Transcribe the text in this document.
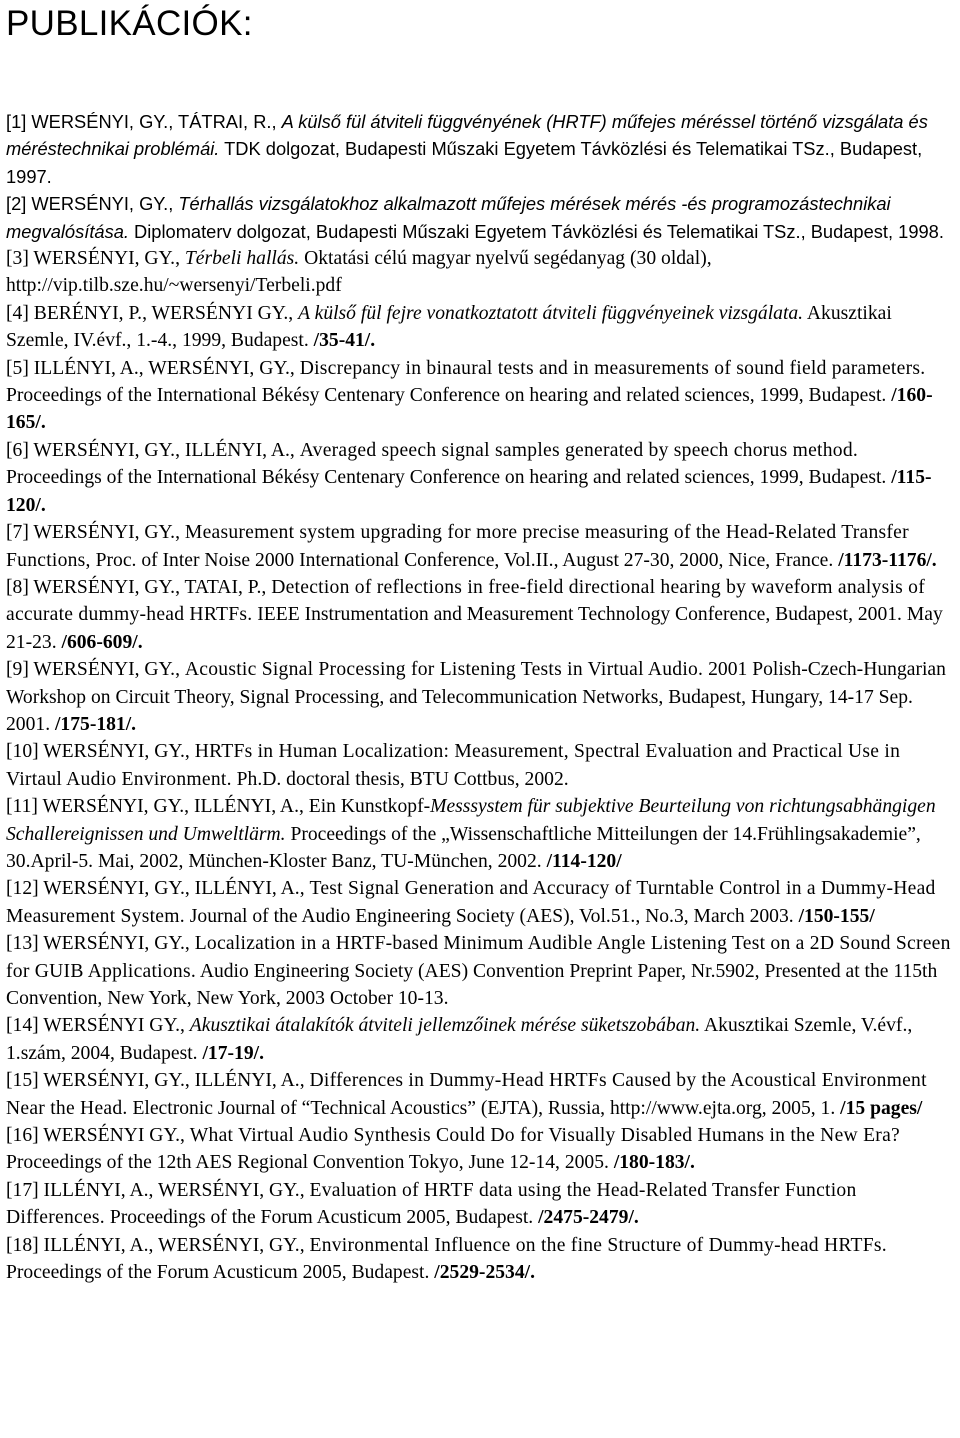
PUBLIKÁCIÓK:

[1] WERSÉNYI, GY., TÁTRAI, R., A külső fül átviteli függvényének (HRTF) műfejes méréssel történő vizsgálata és méréstechnikai problémái. TDK dolgozat, Budapesti Műszaki Egyetem Távközlési és Telematikai TSz., Budapest, 1997.

[2] WERSÉNYI, GY., Térhallás vizsgálatokhoz alkalmazott műfejes mérések mérés -és programozástechnikai megvalósítása. Diplomaterv dolgozat, Budapesti Műszaki Egyetem Távközlési és Telematikai TSz., Budapest, 1998.

[3] WERSÉNYI, GY., Térbeli hallás. Oktatási célú magyar nyelvű segédanyag (30 oldal), http://vip.tilb.sze.hu/~wersenyi/Terbeli.pdf

[4] BERÉNYI, P., WERSÉNYI GY., A külső fül fejre vonatkoztatott átviteli függvényeinek vizsgálata. Akusztikai Szemle, IV.évf., 1.-4., 1999, Budapest. /35-41/.

[5] ILLÉNYI, A., WERSÉNYI, GY., Discrepancy in binaural tests and in measurements of sound field parameters. Proceedings of the International Békésy Centenary Conference on hearing and related sciences, 1999, Budapest. /160-165/.

[6] WERSÉNYI, GY., ILLÉNYI, A., Averaged speech signal samples generated by speech chorus method. Proceedings of the International Békésy Centenary Conference on hearing and related sciences, 1999, Budapest. /115-120/.

[7] WERSÉNYI, GY., Measurement system upgrading for more precise measuring of the Head-Related Transfer Functions, Proc. of Inter Noise 2000 International Conference, Vol.II., August 27-30, 2000, Nice, France. /1173-1176/.

[8] WERSÉNYI, GY., TATAI, P., Detection of reflections in free-field directional hearing by waveform analysis of accurate dummy-head HRTFs. IEEE Instrumentation and Measurement Technology Conference, Budapest, 2001. May 21-23. /606-609/.

[9] WERSÉNYI, GY., Acoustic Signal Processing for Listening Tests in Virtual Audio. 2001 Polish-Czech-Hungarian Workshop on Circuit Theory, Signal Processing, and Telecommunication Networks, Budapest, Hungary, 14-17 Sep. 2001. /175-181/.

[10] WERSÉNYI, GY., HRTFs in Human Localization: Measurement, Spectral Evaluation and Practical Use in Virtaul Audio Environment. Ph.D. doctoral thesis, BTU Cottbus, 2002.

[11] WERSÉNYI, GY., ILLÉNYI, A., Ein Kunstkopf-Messsystem für subjektive Beurteilung von richtungsabhängigen Schallereignissen und Umweltlärm. Proceedings of the „Wissenschaftliche Mitteilungen der 14.Frühlingsakademie”, 30.April-5. Mai, 2002, München-Kloster Banz, TU-München, 2002. /114-120/

[12] WERSÉNYI, GY., ILLÉNYI, A., Test Signal Generation and Accuracy of Turntable Control in a Dummy-Head Measurement System. Journal of the Audio Engineering Society (AES), Vol.51., No.3, March 2003. /150-155/

[13] WERSÉNYI, GY., Localization in a HRTF-based Minimum Audible Angle Listening Test on a 2D Sound Screen for GUIB Applications. Audio Engineering Society (AES) Convention Preprint Paper, Nr.5902, Presented at the 115th Convention, New York, New York, 2003 October 10-13.

[14] WERSÉNYI GY., Akusztikai átalakítók átviteli jellemzőinek mérése süketszobában. Akusztikai Szemle, V.évf., 1.szám, 2004, Budapest. /17-19/.

[15] WERSÉNYI, GY., ILLÉNYI, A., Differences in Dummy-Head HRTFs Caused by the Acoustical Environment Near the Head. Electronic Journal of “Technical Acoustics” (EJTA), Russia, http://www.ejta.org, 2005, 1. /15 pages/

[16] WERSÉNYI GY., What Virtual Audio Synthesis Could Do for Visually Disabled Humans in the New Era? Proceedings of the 12th AES Regional Convention Tokyo, June 12-14, 2005. /180-183/.

[17] ILLÉNYI, A., WERSÉNYI, GY., Evaluation of HRTF data using the Head-Related Transfer Function Differences. Proceedings of the Forum Acusticum 2005, Budapest. /2475-2479/.

[18] ILLÉNYI, A., WERSÉNYI, GY., Environmental Influence on the fine Structure of Dummy-head HRTFs. Proceedings of the Forum Acusticum 2005, Budapest. /2529-2534/.
